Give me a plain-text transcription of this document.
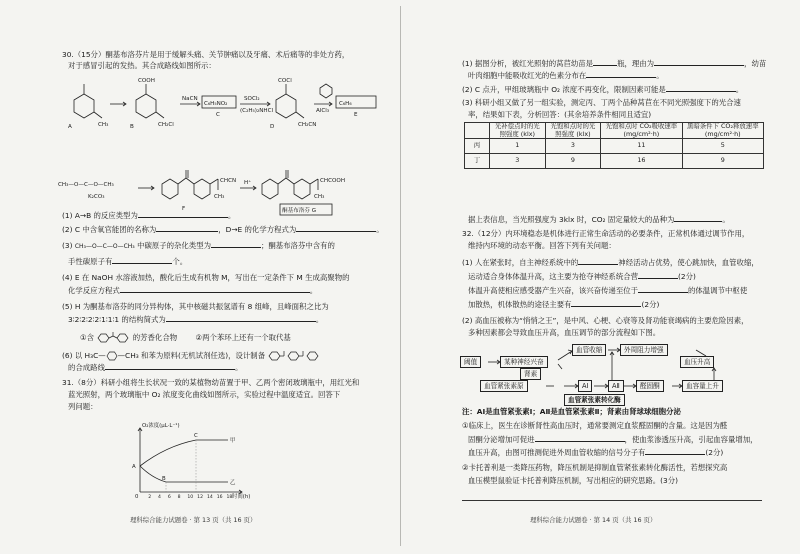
30.（15分）酮基布洛芬片是用于缓解头痛、关节肿痛以及牙痛、术后痛等的非处方药，
对于感冒引起的发热。其合成路线如图所示：
COOH
CH₃
A	CH₂Cl
B
NaCN
C₆H₅NO₂
C
SOCl₂
(C₂H₅)₂NHCl
COCl
CH₂CN
D
AlCl₃
C₆H₆
E
CH₃—O—C—O—CH₃
K₂CO₃
CHCN
CH₃
F
H⁺	CHCOOH
CH₃
酮基布洛芬 G
(1) A→B 的反应类型为	。
(2) C 中含氧官能团的名称为	，D→E 的化学方程式为	。
(3) CH₃—O—C—O—CH₃ 中碳原子的杂化类型为	；酮基布洛芬中含有的
手性碳原子有	个。
(4) E 在 NaOH 水溶液加热，酸化后生成有机物 M，写出在一定条件下 M 生成高聚物的
化学反应方程式	。
(5) H 为酮基布洛芬的同分异构体，其中核磁共振氢谱有 8 组峰，且峰面积之比为
3∶2∶2∶2∶2∶1∶1∶1 的结构简式为	。
①含	的芳香化合物 ②两个苯环上还有一个取代基
(6) 以 H₃C— —CH₃ 和苯为原料(无机试剂任选)，设计制备
的合成路线	。
31.（8分）科研小组将生长状况一致的某植物幼苗置于甲、乙两个密闭玻璃瓶中，用红光和
蓝光照射，两个玻璃瓶中 O₂ 浓度变化曲线如图所示，实验过程中温度适宜。回答下
列问题：
O₂浓度(μL·L⁻¹)
0
A
C
B
甲
乙
时间(h)
2 4 6 8 10 12 14 16 18
理科综合能力试题卷 · 第 13 页（共 16 页）
(1) 据图分析，被红光照射的莴苣幼苗是	瓶，理由为	，幼苗
叶肉细胞中能吸收红光的色素分布在	。
(2) C 点升，甲组玻璃瓶中 O₂ 浓度不再变化，限制因素可能是	。
(3) 科研小组又做了另一组实验，测定丙、丁两个品种莴苣在不同光照强度下的光合速
率，结果如下表，分析回答：(其余培养条件相同且适宜)
	光补偿点时的光照强度 (klx)	光饱和点时的光照强度 (klx)	光饱和点时 CO₂吸收速率 (mg/cm²·h)	黑暗条件下 CO₂释放速率 (mg/cm²·h)
丙	1	3	11	5
丁	3	9	16	9
据上表信息，当光照强度为 3klx 时，CO₂ 固定量较大的品种为	。
32.（12分）内环境稳态是机体进行正常生命活动的必要条件，正常机体通过调节作用，
维持内环境的动态平衡。回答下列有关问题：
(1) 人在紧张时，自主神经系统中的	神经活动占优势，使心跳加快，血管收缩，
运动适合身体体温升高，这主要为抢夺神经系统合营	(2分)
体温升高使相应感受器产生兴奋，该兴奋传递至位于	的体温调节中枢使
加散热，机体散热的途径主要有	(2分)
(2) 高血压被称为“悄悄之王”，是中风、心梗、心衰等及肾功能衰竭病的主要危险因素，
多种因素都会导致血压升高，血压调节的部分流程如下图。
阈值	某种神经兴奋
血管收缩	外周阻力增强
血压升高
肾素
血管紧张素原	AⅠ	AⅡ	醛固酮	血容量上升
血管紧张素转化酶
注：AⅠ是血管紧张素Ⅰ；AⅡ是血管紧张素Ⅱ；肾素由肾球球细胞分泌
①临床上，医生在诊断肾性高血压时，通常要测定血浆醛固酮的含量。这是因为醛
固酮分泌增加可促进	，使血浆渗透压升高，引起血容量增加，
血压升高，由图可推测促进外周血管收缩的信号分子有	(2分)
②卡托普利是一类降压药物，降压机制是抑制血管紧张素转化酶活性，若想探究高
血压模型鼠验证卡托普利降压机制，写出相应的研究思路。(3分)
理科综合能力试题卷 · 第 14 页（共 16 页）
